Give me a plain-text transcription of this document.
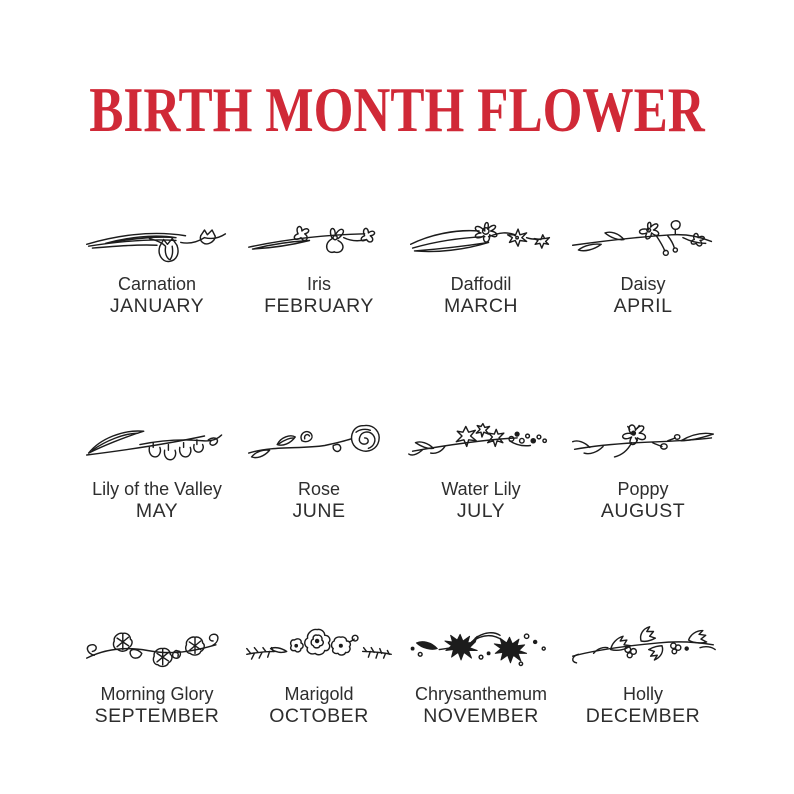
BIRTH MONTH FLOWER
Carnation
JANUARY
Iris
FEBRUARY
Daffodil
MARCH
Daisy
APRIL
Lily of the Valley
MAY
Rose
JUNE
Water Lily
JULY
Poppy
AUGUST
Morning Glory
SEPTEMBER
Marigold
OCTOBER
Chrysanthemum
NOVEMBER
Holly
DECEMBER
